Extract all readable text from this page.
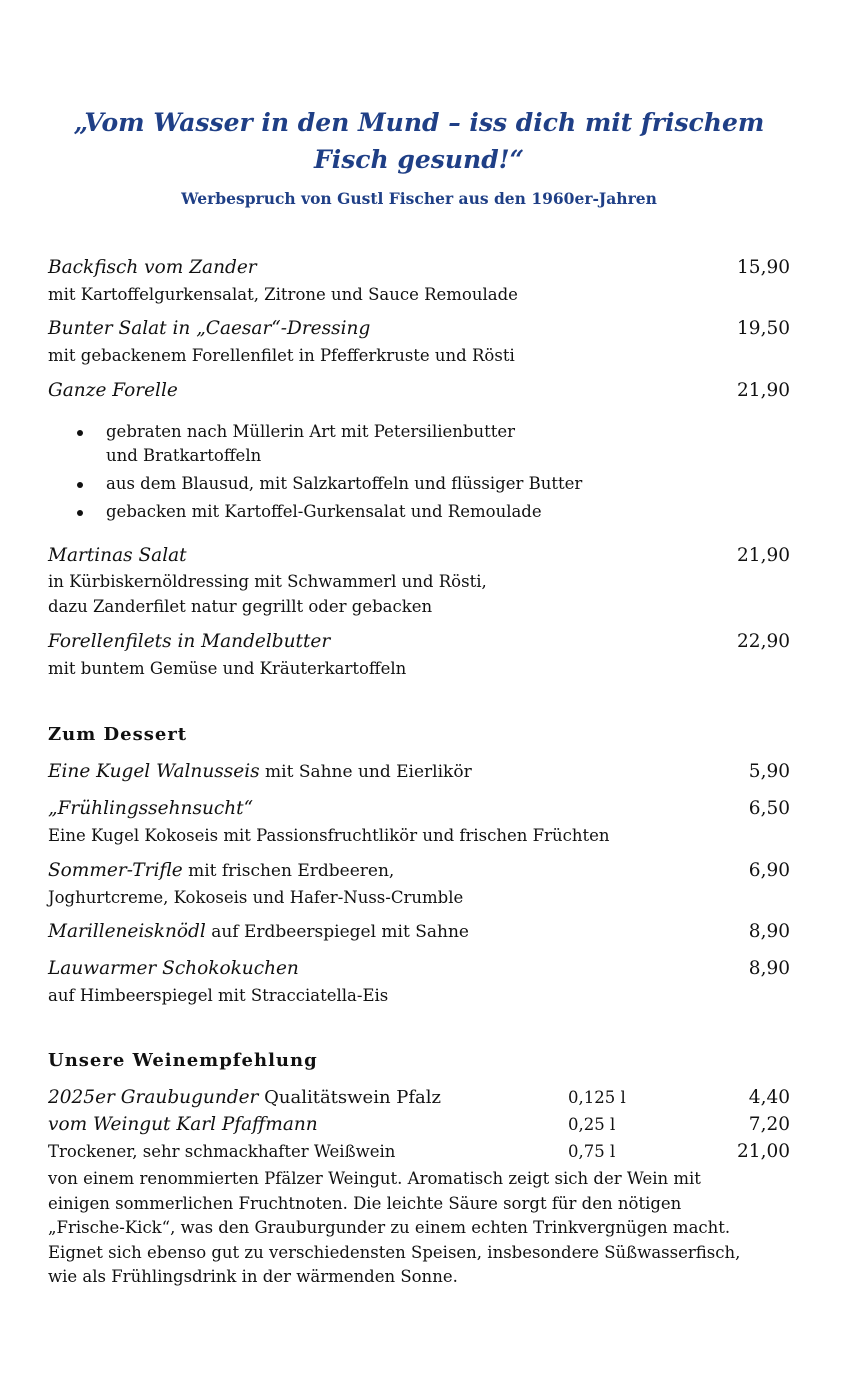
„Vom Wasser in den Mund – iss dich mit frischem
Fisch gesund!“
Werbespruch von Gustl Fischer aus den 1960er-Jahren
Backfisch vom Zander	15,90
mit Kartoffelgurkensalat, Zitrone und Sauce Remoulade
Bunter Salat in „Caesar“-Dressing	19,50
mit gebackenem Forellenfilet in Pfefferkruste und Rösti
Ganze Forelle	21,90
gebraten nach Müllerin Art mit Petersilienbutter
und Bratkartoffeln
aus dem Blausud, mit Salzkartoffeln und flüssiger Butter
gebacken mit Kartoffel-Gurkensalat und Remoulade
Martinas Salat	21,90
in Kürbiskernöldressing mit Schwammerl und Rösti,
dazu Zanderfilet natur gegrillt oder gebacken
Forellenfilets in Mandelbutter	22,90
mit buntem Gemüse und Kräuterkartoffeln
Zum Dessert
Eine Kugel Walnusseis mit Sahne und Eierlikör	5,90
„Frühlingssehnsucht“	6,50
Eine Kugel Kokoseis mit Passionsfruchtlikör und frischen Früchten
Sommer-Trifle mit frischen Erdbeeren,	6,90
Joghurtcreme, Kokoseis und Hafer-Nuss-Crumble
Marilleneisknödl auf Erdbeerspiegel mit Sahne	8,90
Lauwarmer Schokokuchen	8,90
auf Himbeerspiegel mit Stracciatella-Eis
Unsere Weinempfehlung
2025er Graubugunder Qualitätswein Pfalz	0,125 l	4,40
vom Weingut Karl Pfaffmann	0,25 l	7,20
Trockener, sehr schmackhafter Weißwein	0,75 l	21,00
von einem renommierten Pfälzer Weingut. Aromatisch zeigt sich der Wein mit
einigen sommerlichen Fruchtnoten. Die leichte Säure sorgt für den nötigen
„Frische-Kick“, was den Grauburgunder zu einem echten Trinkvergnügen macht.
Eignet sich ebenso gut zu verschiedensten Speisen, insbesondere Süßwasserfisch,
wie als Frühlingsdrink in der wärmenden Sonne.
